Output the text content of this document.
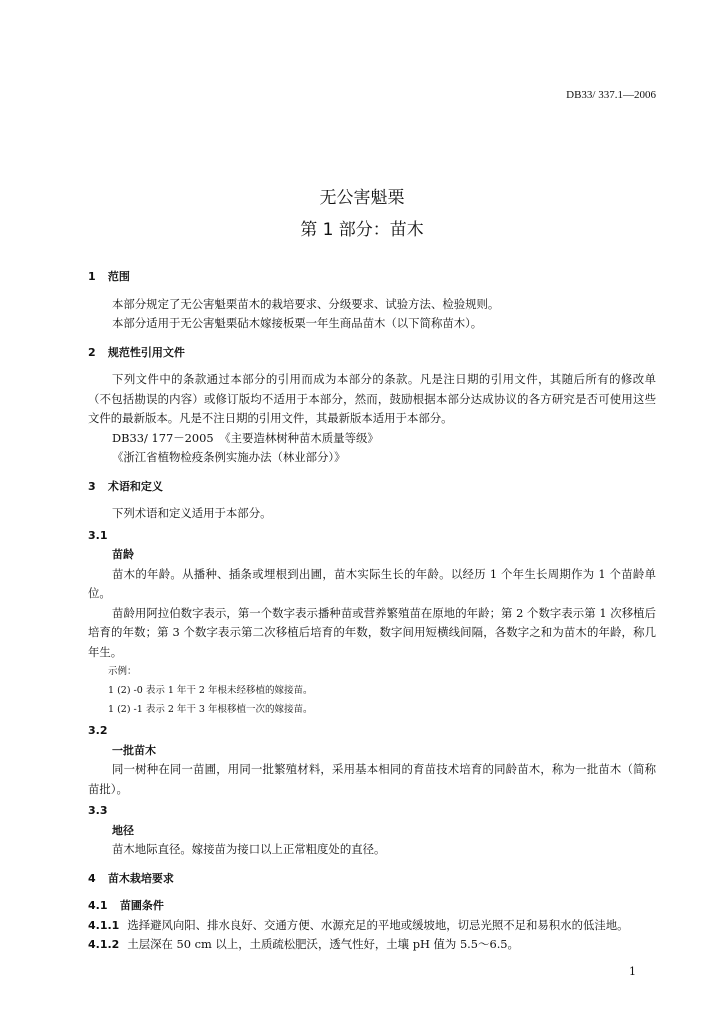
DB33/ 337.1—2006
无公害魁栗
第 1 部分：苗木
1 范围

本部分规定了无公害魁栗苗木的栽培要求、分级要求、试验方法、检验规则。

本部分适用于无公害魁栗砧木嫁接板栗一年生商品苗木（以下简称苗木）。

2 规范性引用文件

下列文件中的条款通过本部分的引用而成为本部分的条款。凡是注日期的引用文件，其随后所有的修改单（不包括勘误的内容）或修订版均不适用于本部分，然而，鼓励根据本部分达成协议的各方研究是否可使用这些文件的最新版本。凡是不注日期的引用文件，其最新版本适用于本部分。

DB33/ 177－2005　《主要造林树种苗木质量等级》

《浙江省植物检疫条例实施办法（林业部分）》

3 术语和定义

下列术语和定义适用于本部分。

3.1
苗龄

苗木的年龄。从播种、插条或埋根到出圃，苗木实际生长的年龄。以经历 1 个年生长周期作为 1 个苗龄单位。

苗龄用阿拉伯数字表示，第一个数字表示播种苗或营养繁殖苗在原地的年龄；第 2 个数字表示第 1 次移植后培育的年数；第 3 个数字表示第二次移植后培育的年数，数字间用短横线间隔，各数字之和为苗木的年龄，称几年生。

示例：

1 (2) -0 表示 1 年干 2 年根未经移植的嫁接苗。

1 (2) -1 表示 2 年干 3 年根移植一次的嫁接苗。

3.2
一批苗木

同一树种在同一苗圃，用同一批繁殖材料，采用基本相同的育苗技术培育的同龄苗木，称为一批苗木（简称苗批）。

3.3
地径

苗木地际直径。嫁接苗为接口以上正常粗度处的直径。

4 苗木栽培要求
4.1 苗圃条件

4.1.1 选择避风向阳、排水良好、交通方便、水源充足的平地或缓坡地，切忌光照不足和易积水的低洼地。

4.1.2 土层深在 50 cm 以上，土质疏松肥沃，透气性好，土壤 pH 值为 5.5～6.5。

1
